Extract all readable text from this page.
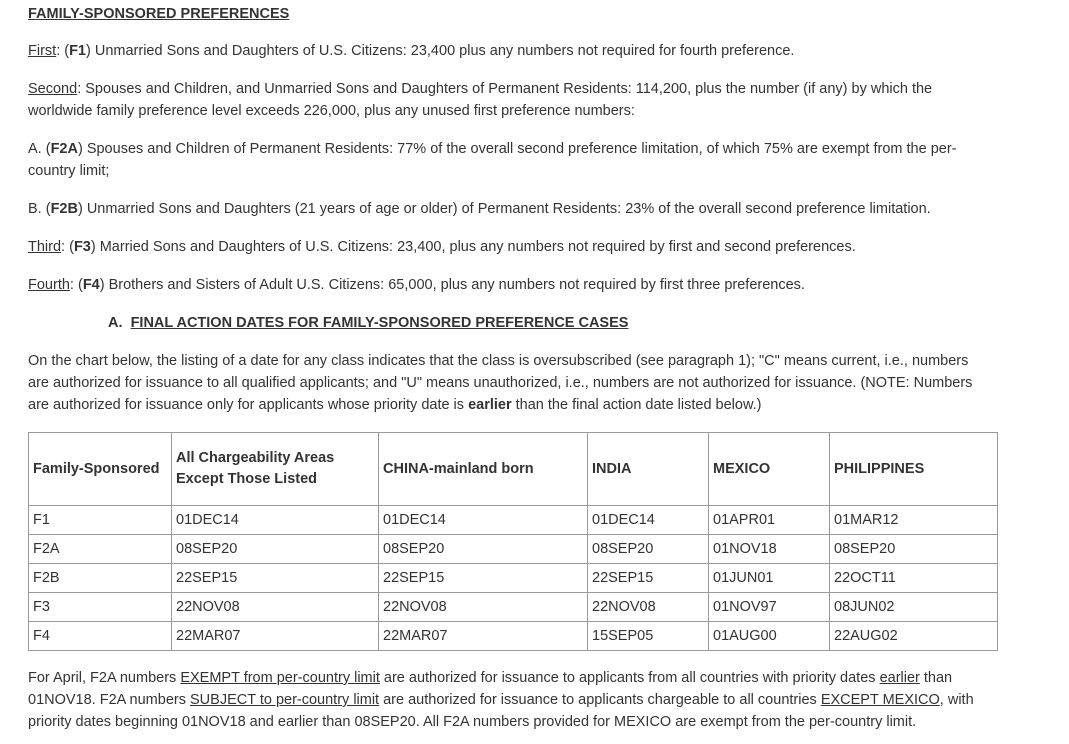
FAMILY-SPONSORED PREFERENCES

First: (F1) Unmarried Sons and Daughters of U.S. Citizens: 23,400 plus any numbers not required for fourth preference.

Second: Spouses and Children, and Unmarried Sons and Daughters of Permanent Residents: 114,200, plus the number (if any) by which the worldwide family preference level exceeds 226,000, plus any unused first preference numbers:

A. (F2A) Spouses and Children of Permanent Residents: 77% of the overall second preference limitation, of which 75% are exempt from the per-country limit;

B. (F2B) Unmarried Sons and Daughters (21 years of age or older) of Permanent Residents: 23% of the overall second preference limitation.

Third: (F3) Married Sons and Daughters of U.S. Citizens: 23,400, plus any numbers not required by first and second preferences.

Fourth: (F4) Brothers and Sisters of Adult U.S. Citizens: 65,000, plus any numbers not required by first three preferences.

A. FINAL ACTION DATES FOR FAMILY-SPONSORED PREFERENCE CASES

On the chart below, the listing of a date for any class indicates that the class is oversubscribed (see paragraph 1); "C" means current, i.e., numbers are authorized for issuance to all qualified applicants; and "U" means unauthorized, i.e., numbers are not authorized for issuance. (NOTE: Numbers are authorized for issuance only for applicants whose priority date is earlier than the final action date listed below.)

Family-Sponsored	All Chargeability Areas Except Those Listed	CHINA-mainland born	INDIA	MEXICO	PHILIPPINES
F1	01DEC14	01DEC14	01DEC14	01APR01	01MAR12
F2A	08SEP20	08SEP20	08SEP20	01NOV18	08SEP20
F2B	22SEP15	22SEP15	22SEP15	01JUN01	22OCT11
F3	22NOV08	22NOV08	22NOV08	01NOV97	08JUN02
F4	22MAR07	22MAR07	15SEP05	01AUG00	22AUG02

For April, F2A numbers EXEMPT from per-country limit are authorized for issuance to applicants from all countries with priority dates earlier than 01NOV18. F2A numbers SUBJECT to per-country limit are authorized for issuance to applicants chargeable to all countries EXCEPT MEXICO, with priority dates beginning 01NOV18 and earlier than 08SEP20. All F2A numbers provided for MEXICO are exempt from the per-country limit.
